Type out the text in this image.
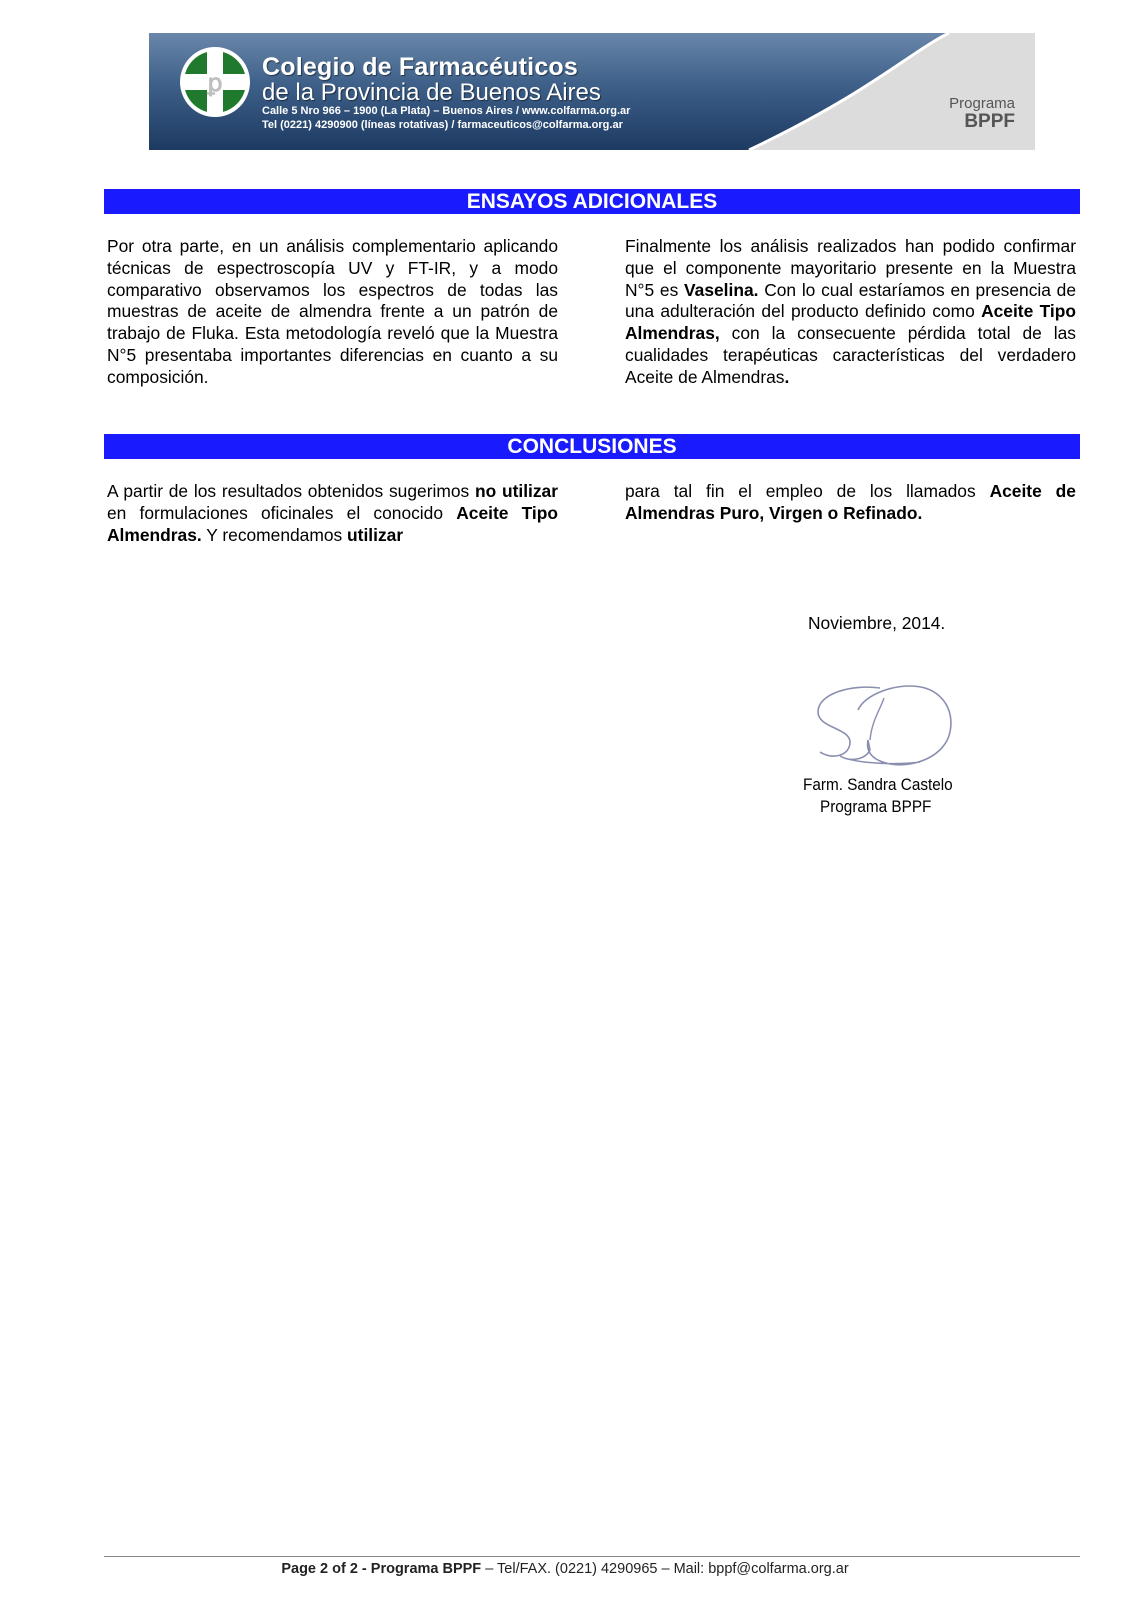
ꝑ
Colegio de Farmacéuticos
de la Provincia de Buenos Aires
Calle 5 Nro 966 – 1900 (La Plata) – Buenos Aires / www.colfarma.org.ar
Tel (0221) 4290900 (líneas rotativas) / farmaceuticos@colfarma.org.ar
Programa
BPPF
ENSAYOS ADICIONALES
Por otra parte, en un análisis complementario aplicando técnicas de espectroscopía UV y FT-IR, y a modo comparativo observamos los espectros de todas las muestras de aceite de almendra frente a un patrón de trabajo de Fluka. Esta metodología reveló que la Muestra N°5 presentaba importantes diferencias en cuanto a su composición.
Finalmente los análisis realizados han podido confirmar que el componente mayoritario presente en la Muestra N°5 es Vaselina. Con lo cual estaríamos en presencia de una adulteración del producto definido como Aceite Tipo Almendras, con la consecuente pérdida total de las cualidades terapéuticas características del verdadero Aceite de Almendras.
CONCLUSIONES
A partir de los resultados obtenidos sugerimos no utilizar en formulaciones oficinales el conocido Aceite Tipo Almendras. Y recomendamos utilizar
para tal fin el empleo de los llamados Aceite de Almendras Puro, Virgen o Refinado.
Noviembre, 2014.
Farm. Sandra Castelo
Programa BPPF
Page 2 of 2 - Programa BPPF – Tel/FAX. (0221) 4290965 – Mail: bppf@colfarma.org.ar
